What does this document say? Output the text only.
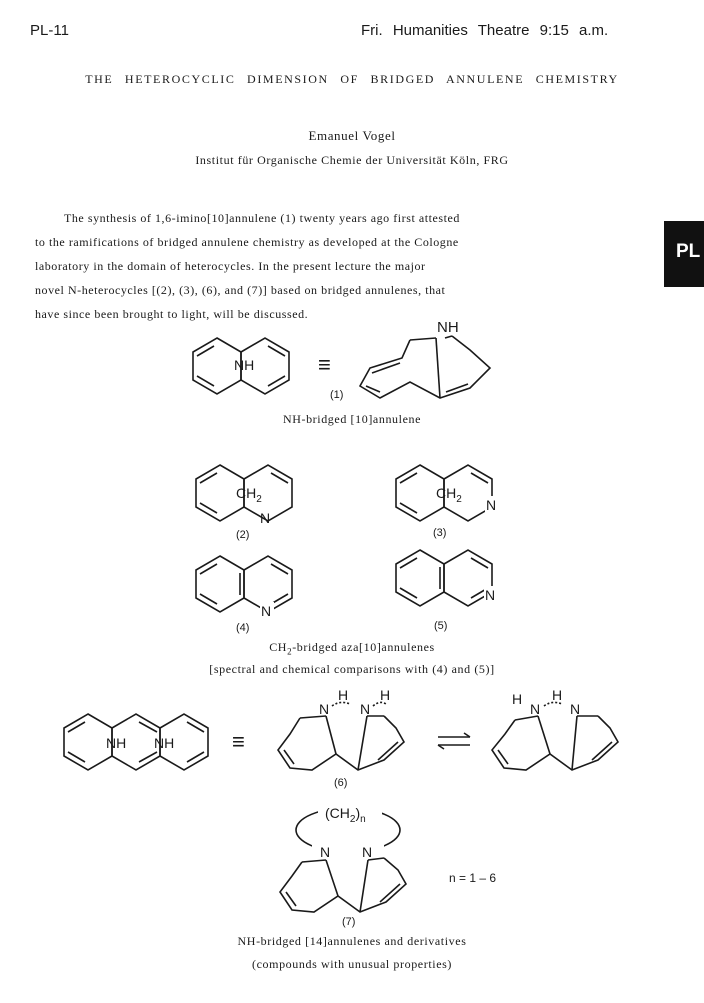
PL-11	Fri. Humanities Theatre 9:15 a.m.
PL
THE HETEROCYCLIC DIMENSION OF BRIDGED ANNULENE CHEMISTRY
Emanuel Vogel
Institut für Organische Chemie der Universität Köln, FRG

The synthesis of 1,6-imino[10]annulene (1) twenty years ago first attested

to the ramifications of bridged annulene chemistry as developed at the Cologne

laboratory in the domain of heterocycles. In the present lecture the major

novel N-heterocycles [(2), (3), (6), and (7)] based on bridged annulenes, that

have since been brought to light, will be discussed.

NH	≡
NH
(1)
$CH_2$
N
$CH_2$ N
(2)	(3)
N
N
(4)	(5)
NH NH	≡
N
H
N
H	H
N
H
N
(6)
$(CH_2)_n$
N N
n = 1 – 6
(7)
NH-bridged [10]annulene
$CH_2$-bridged aza[10]annulenes
[spectral and chemical comparisons with (4) and (5)]
NH-bridged [14]annulenes and derivatives
(compounds with unusual properties)
